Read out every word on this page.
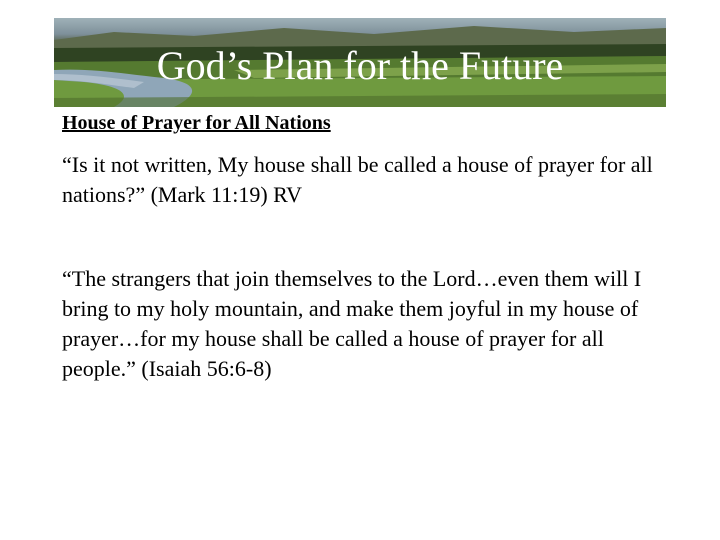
God’s Plan for the Future
House of Prayer for All Nations
“Is it not written, My house shall be called a house of prayer for all nations?” (Mark 11:19) RV
“The strangers that join themselves to the Lord…even them will I bring to my holy mountain, and make them joyful in my house of prayer…for my house shall be called a house of prayer for all people.” (Isaiah 56:6-8)
